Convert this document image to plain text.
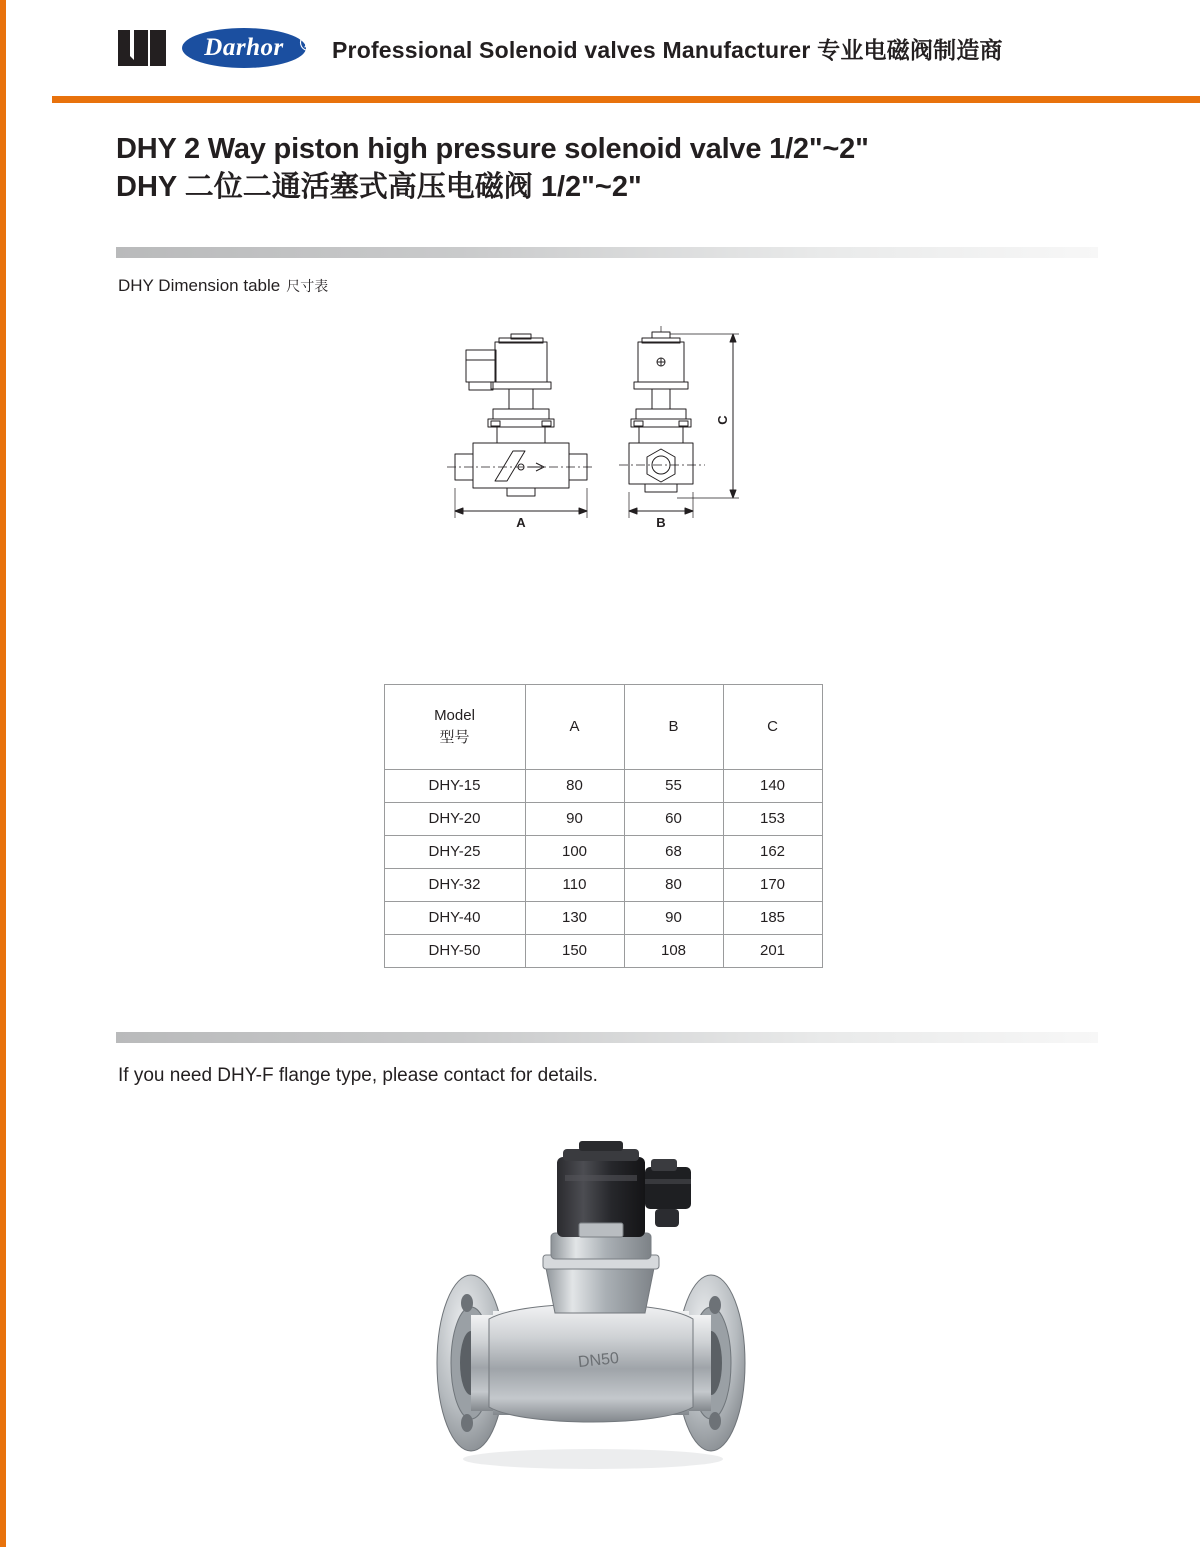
Darhor ® Professional Solenoid valves Manufacturer 专业电磁阀制造商
DHY 2 Way piston high pressure solenoid valve 1/2"~2"
DHY 二位二通活塞式高压电磁阀 1/2"~2"
DHY Dimension table 尺寸表
A	B
C
Model
型号	A	B	C
DHY-15	80	55	140
DHY-20	90	60	153
DHY-25	100	68	162
DHY-32	110	80	170
DHY-40	130	90	185
DHY-50	150	108	201
If you need DHY-F flange type, please contact for details.
DN50
